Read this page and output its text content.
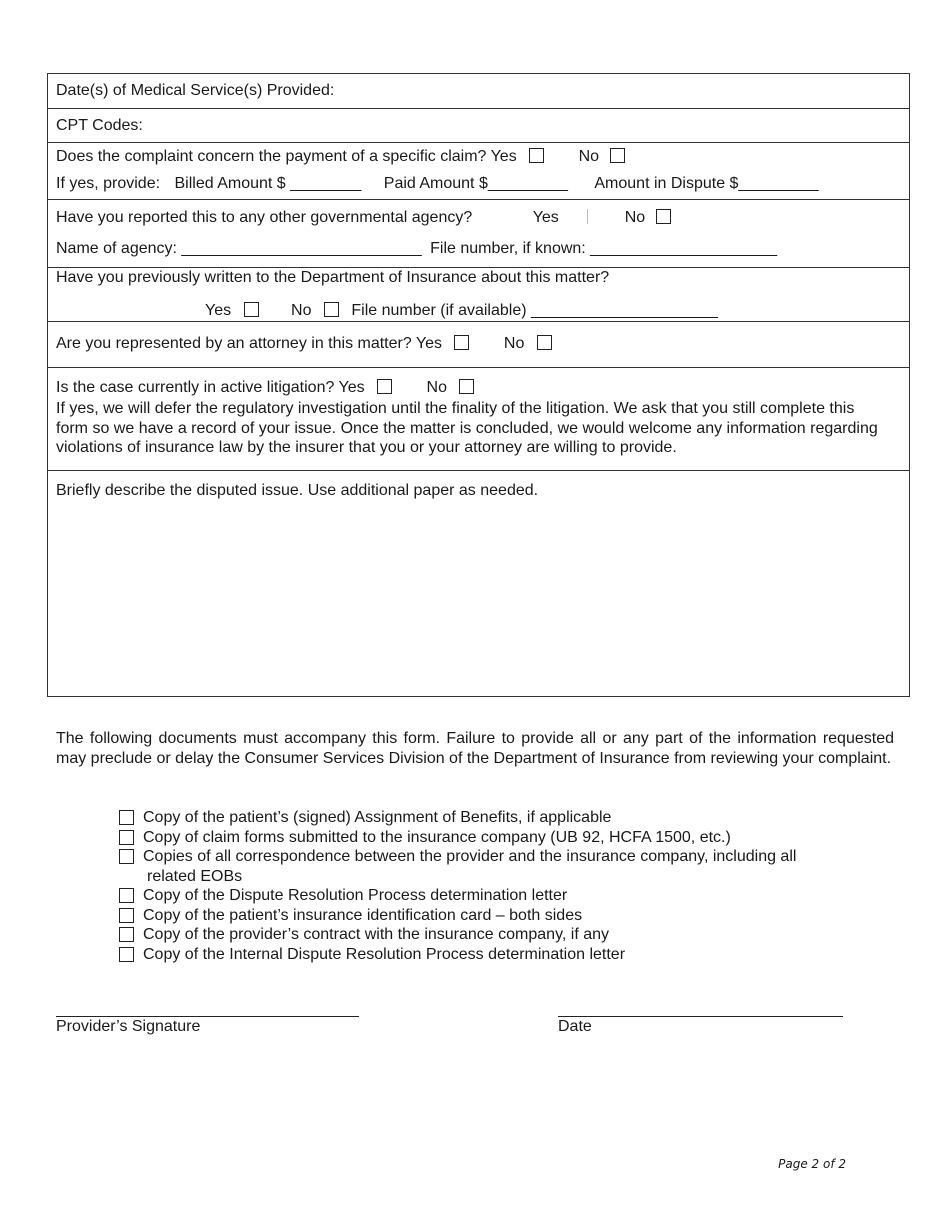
Date(s) of Medical Service(s) Provided:
CPT Codes:
Does the complaint concern the payment of a specific claim? Yes	No
If yes, provide: Billed Amount $ ________ Paid Amount $_________ Amount in Dispute $_________
Have you reported this to any other governmental agency?	Yes	No
Name of agency: ___________________________ File number, if known: _____________________
Have you previously written to the Department of Insurance about this matter?
Yes	No File number (if available) _____________________
Are you represented by an attorney in this matter? Yes	No
Is the case currently in active litigation? Yes	No
If yes, we will defer the regulatory investigation until the finality of the litigation. We ask that you still complete this form so we have a record of your issue. Once the matter is concluded, we would welcome any information regarding violations of insurance law by the insurer that you or your attorney are willing to provide.
Briefly describe the disputed issue. Use additional paper as needed.
The following documents must accompany this form. Failure to provide all or any part of the information requested may preclude or delay the Consumer Services Division of the Department of Insurance from reviewing your complaint.
Copy of the patient’s (signed) Assignment of Benefits, if applicable
Copy of claim forms submitted to the insurance company (UB 92, HCFA 1500, etc.)
Copies of all correspondence between the provider and the insurance company, including all
related EOBs
Copy of the Dispute Resolution Process determination letter
Copy of the patient’s insurance identification card – both sides
Copy of the provider’s contract with the insurance company, if any
Copy of the Internal Dispute Resolution Process determination letter
Provider’s Signature	Date
Page 2 of 2
